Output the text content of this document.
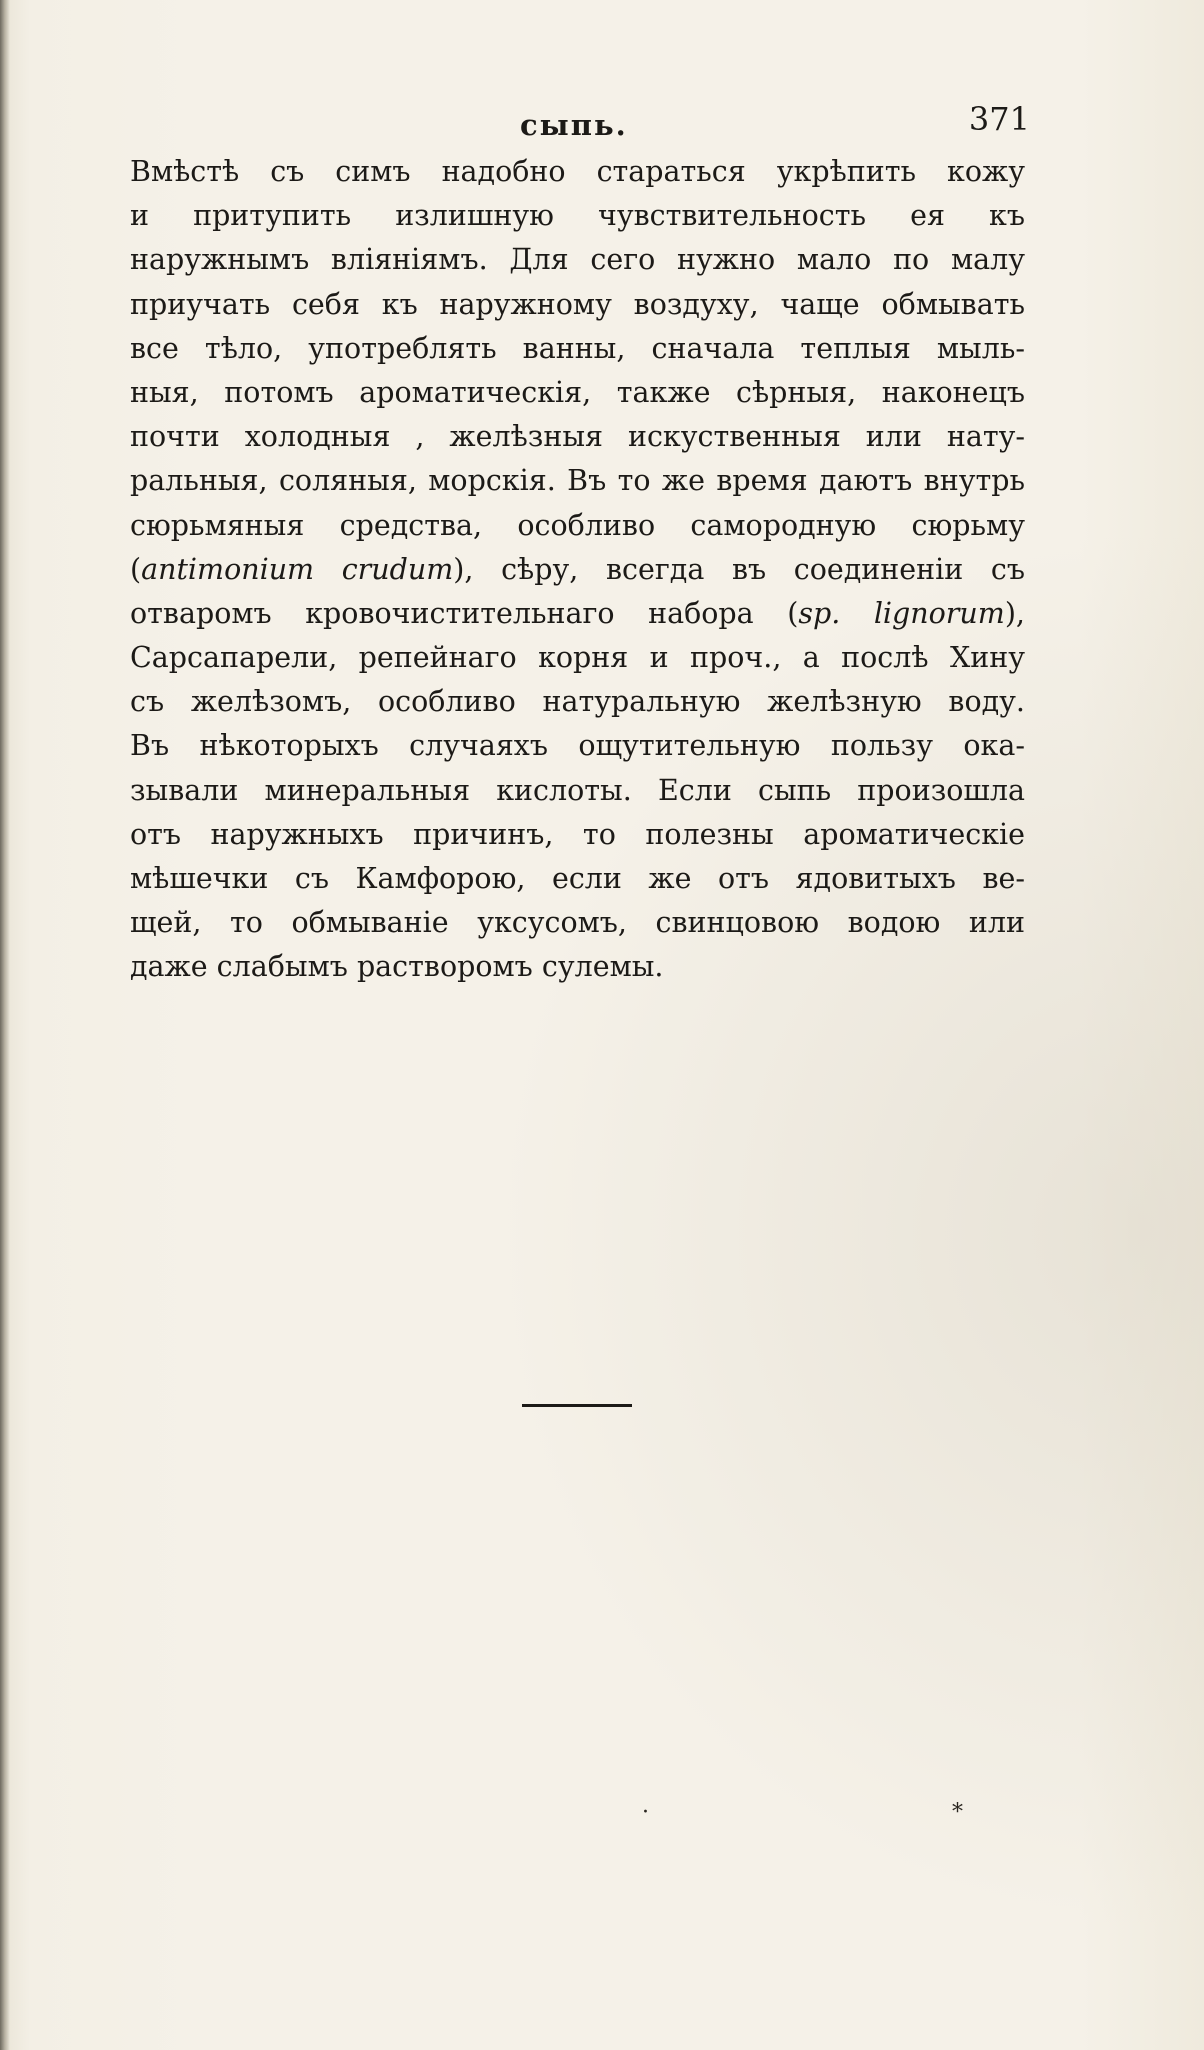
сыпь.	371
Вмѣстѣ съ симъ надобно стараться укрѣпить кожу
и притупить излишную чувствительность ея къ
наружнымъ вліяніямъ. Для сего нужно мало по малу
приучать себя къ наружному воздуху, чаще обмывать
все тѣло, употреблять ванны, сначала теплыя мыль-
ныя, потомъ ароматическія, также сѣрныя, наконецъ
почти холодныя , желѣзныя искуственныя или нату-
ральныя, соляныя, морскія. Въ то же время даютъ внутрь
сюрьмяныя средства, особливо самородную сюрьму
(antimonium crudum), сѣру, всегда въ соединеніи съ
отваромъ кровочистительнаго набора (sp. lignorum),
Сарсапарели, репейнаго корня и проч., а послѣ Хину
съ желѣзомъ, особливо натуральную желѣзную воду.
Въ нѣкоторыхъ случаяхъ ощутительную пользу ока-
зывали минеральныя кислоты. Если сыпь произошла
отъ наружныхъ причинъ, то полезны ароматическіе
мѣшечки съ Камфорою, если же отъ ядовитыхъ ве-
щей, то обмываніе уксусомъ, свинцовою водою или
даже слабымъ растворомъ сулемы.
·	*
